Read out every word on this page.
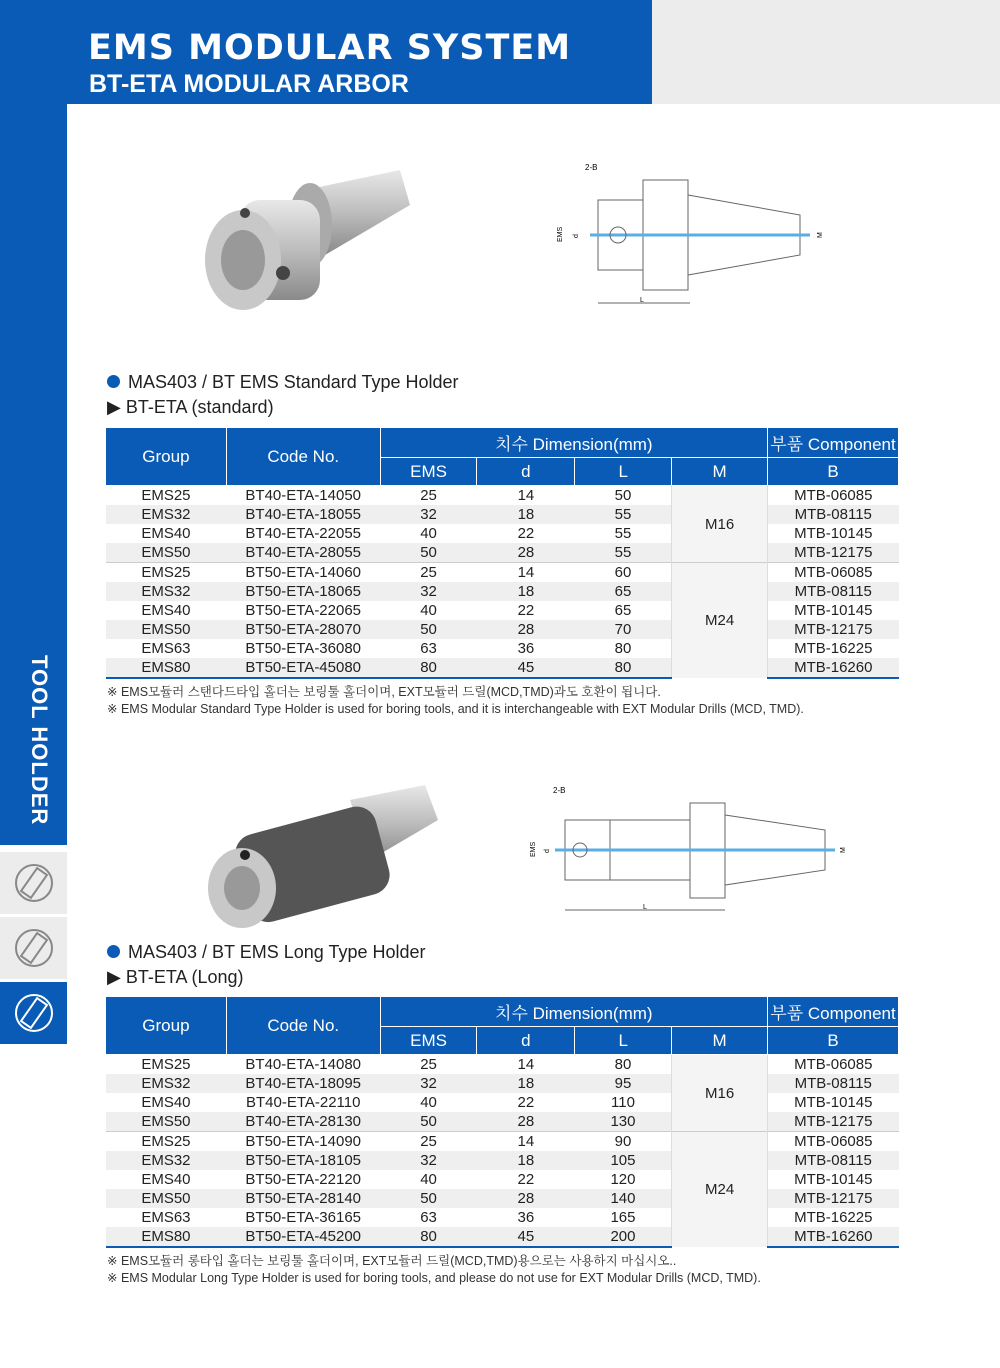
EMS MODULAR SYSTEM
BT-ETA MODULAR ARBOR
TOOL HOLDER
2-B
L
EMS d	M
2-B
L
EMS d	M
MAS403 / BT EMS Standard Type Holder
▶ BT-ETA (standard)
Group	Code No.	치수 Dimension(mm)				부품 Component
		EMS	d	L	M	B
EMS25	BT40-ETA-14050	25	14	50	M16	MTB-06085
EMS32	BT40-ETA-18055	32	18	55		MTB-08115
EMS40	BT40-ETA-22055	40	22	55		MTB-10145
EMS50	BT40-ETA-28055	50	28	55		MTB-12175
EMS25	BT50-ETA-14060	25	14	60	M24	MTB-06085
EMS32	BT50-ETA-18065	32	18	65		MTB-08115
EMS40	BT50-ETA-22065	40	22	65		MTB-10145
EMS50	BT50-ETA-28070	50	28	70		MTB-12175
EMS63	BT50-ETA-36080	63	36	80		MTB-16225
EMS80	BT50-ETA-45080	80	45	80		MTB-16260
※ EMS모듈러 스탠다드타입 홀더는 보링툴 홀더이며, EXT모듈러 드릴(MCD,TMD)과도 호환이 됩니다.
※ EMS Modular Standard Type Holder is used for boring tools, and it is interchangeable with EXT Modular Drills (MCD, TMD).
MAS403 / BT EMS Long Type Holder
▶ BT-ETA (Long)
Group	Code No.	치수 Dimension(mm)				부품 Component
		EMS	d	L	M	B
EMS25	BT40-ETA-14080	25	14	80	M16	MTB-06085
EMS32	BT40-ETA-18095	32	18	95		MTB-08115
EMS40	BT40-ETA-22110	40	22	110		MTB-10145
EMS50	BT40-ETA-28130	50	28	130		MTB-12175
EMS25	BT50-ETA-14090	25	14	90	M24	MTB-06085
EMS32	BT50-ETA-18105	32	18	105		MTB-08115
EMS40	BT50-ETA-22120	40	22	120		MTB-10145
EMS50	BT50-ETA-28140	50	28	140		MTB-12175
EMS63	BT50-ETA-36165	63	36	165		MTB-16225
EMS80	BT50-ETA-45200	80	45	200		MTB-16260
※ EMS모듈러 롱타입 홀더는 보링툴 홀더이며, EXT모듈러 드릴(MCD,TMD)용으로는 사용하지 마십시오..
※ EMS Modular Long Type Holder is used for boring tools, and please do not use for EXT Modular Drills (MCD, TMD).
